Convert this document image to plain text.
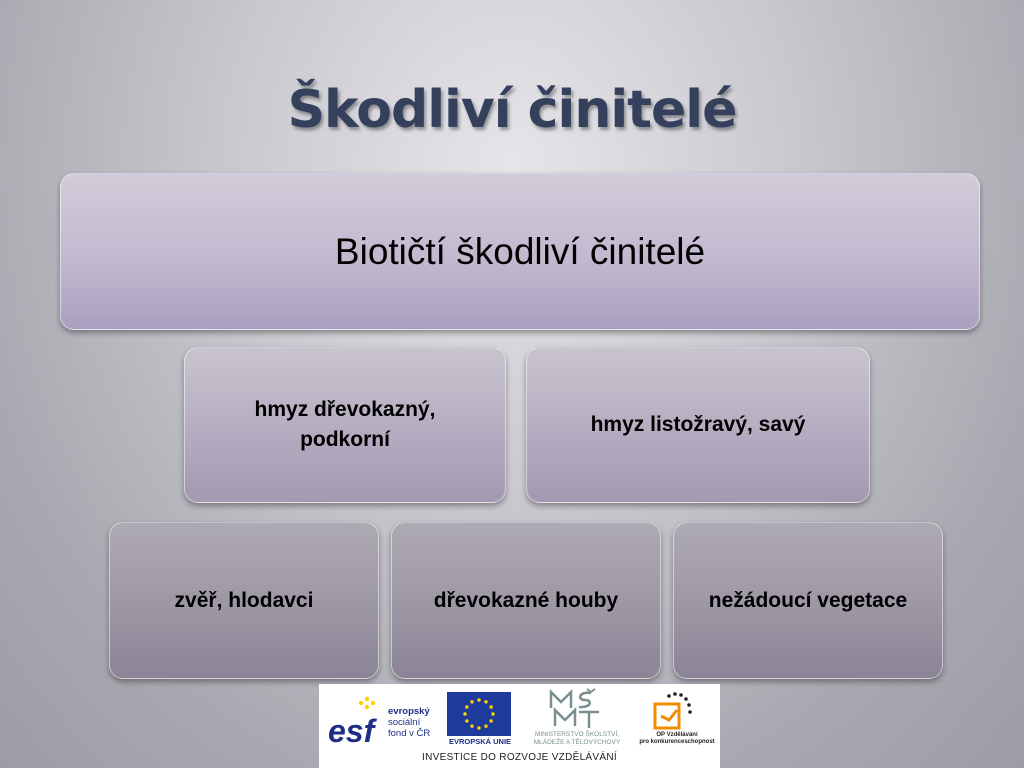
Škodliví činitelé
Biotičtí škodliví činitelé
hmyz dřevokazný,
podkorní
hmyz listožravý, savý
zvěř, hlodavci	dřevokazné houby	nežádoucí vegetace
esf
evropský
sociální
fond v ČR
EVROPSKÁ UNIE
MINISTERSTVO ŠKOLSTVÍ,
MLÁDEŽE A TĚLOVÝCHOVY
OP Vzdělávání
pro konkurenceschopnost
INVESTICE DO ROZVOJE VZDĚLÁVÁNÍ
